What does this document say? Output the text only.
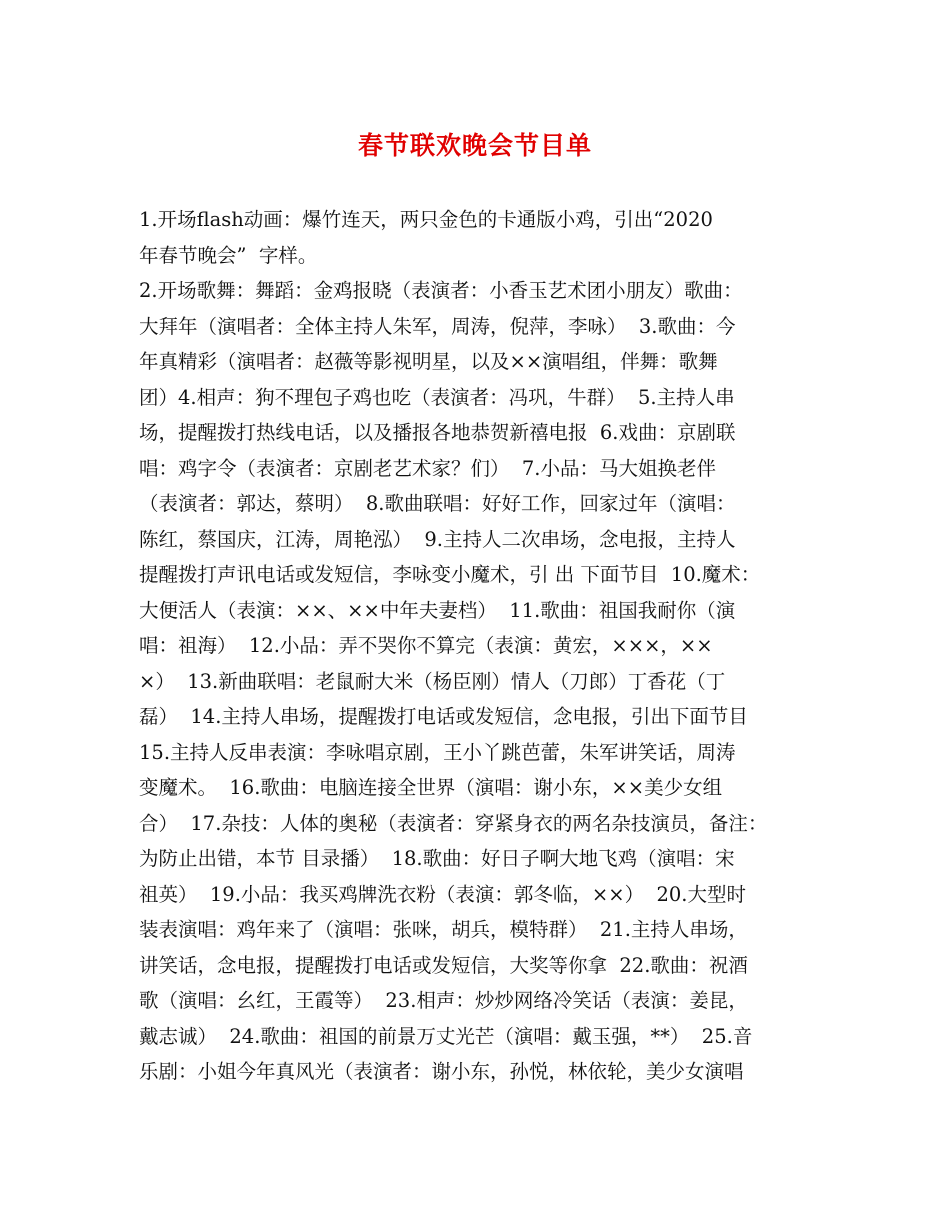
春节联欢晚会节目单
1.开场flash动画：爆竹连天，两只金色的卡通版小鸡，引出“2020
年春节晚会”  字样。
2.开场歌舞：舞蹈：金鸡报晓（表演者：小香玉艺术团小朋友）歌曲：
大拜年（演唱者：全体主持人朱军，周涛，倪萍，李咏）  3.歌曲：今
年真精彩（演唱者：赵薇等影视明星，以及××演唱组，伴舞：歌舞
团）4.相声：狗不理包子鸡也吃（表演者：冯巩，牛群）  5.主持人串
场，提醒拨打热线电话，以及播报各地恭贺新禧电报  6.戏曲：京剧联
唱：鸡字令（表演者：京剧老艺术家？们）  7.小品：马大姐换老伴
（表演者：郭达，蔡明）  8.歌曲联唱：好好工作，回家过年（演唱：
陈红，蔡国庆，江涛，周艳泓）  9.主持人二次串场，念电报，主持人
提醒拨打声讯电话或发短信，李咏变小魔术，引 出 下面节目  10.魔术：
大便活人（表演：××、××中年夫妻档）  11.歌曲：祖国我耐你（演
唱：祖海）  12.小品：弄不哭你不算完（表演：黄宏，×××，××
×）  13.新曲联唱：老鼠耐大米（杨臣刚）情人（刀郎）丁香花（丁
磊）  14.主持人串场，提醒拨打电话或发短信，念电报，引出下面节目
15.主持人反串表演：李咏唱京剧，王小丫跳芭蕾，朱军讲笑话，周涛
变魔术。  16.歌曲：电脑连接全世界（演唱：谢小东，××美少女组
合）  17.杂技：人体的奥秘（表演者：穿紧身衣的两名杂技演员，备注：
为防止出错，本节 目录播）  18.歌曲：好日子啊大地飞鸡（演唱：宋
祖英）  19.小品：我买鸡牌洗衣粉（表演：郭冬临，××）  20.大型时
装表演唱：鸡年来了（演唱：张咪，胡兵，模特群）  21.主持人串场，
讲笑话，念电报，提醒拨打电话或发短信，大奖等你拿  22.歌曲：祝酒
歌（演唱：幺红，王霞等）  23.相声：炒炒网络冷笑话（表演：姜昆，
戴志诚）  24.歌曲：祖国的前景万丈光芒（演唱：戴玉强，**）  25.音
乐剧：小姐今年真风光（表演者：谢小东，孙悦，林依轮，美少女演唱
